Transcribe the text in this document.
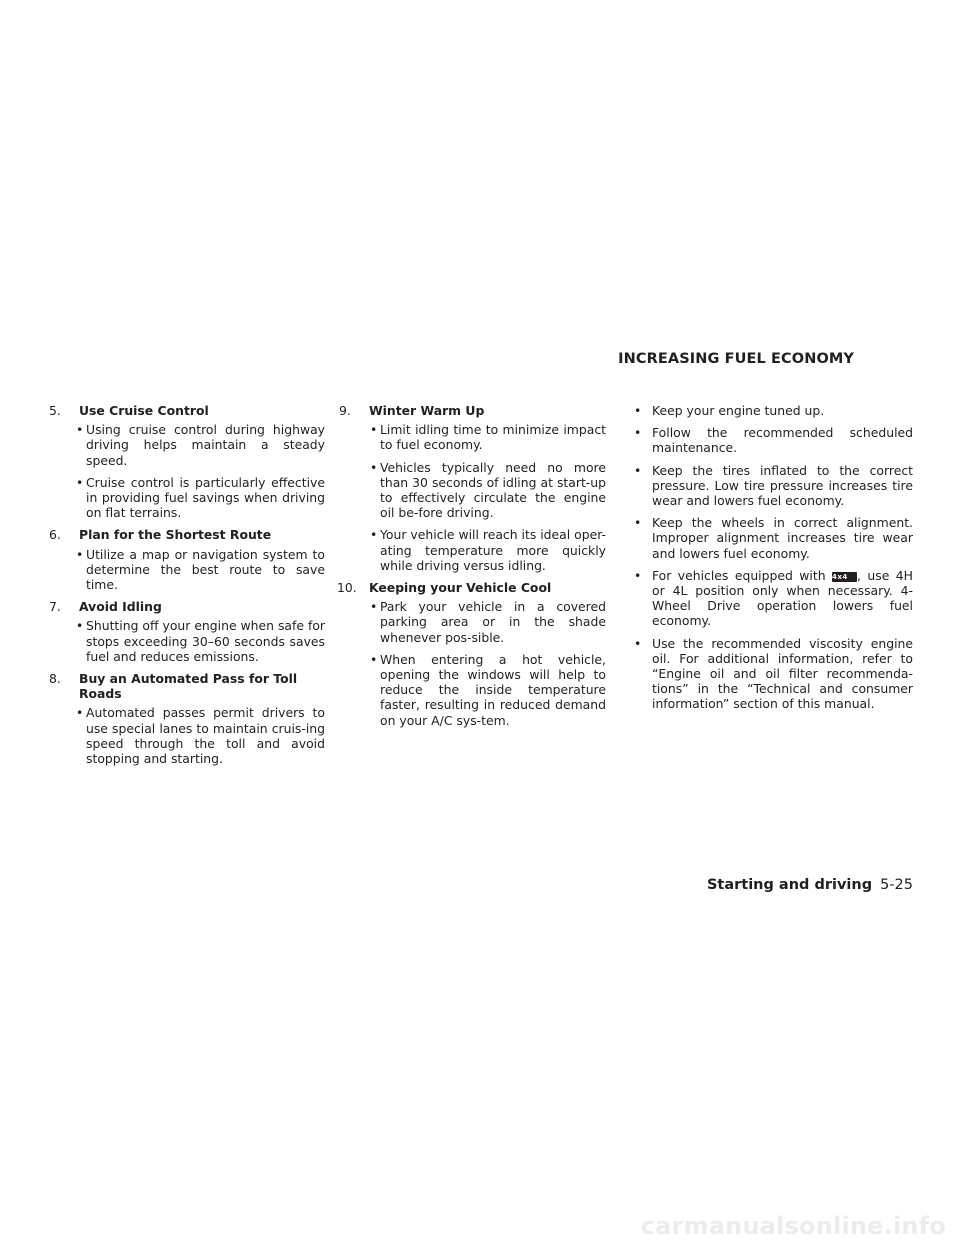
INCREASING FUEL ECONOMY
5. Use Cruise Control
• Using cruise control during highway driving helps maintain a steady speed.
• Cruise control is particularly effective in providing fuel savings when driving on flat terrains.
6. Plan for the Shortest Route
• Utilize a map or navigation system to determine the best route to save time.
7. Avoid Idling
• Shutting off your engine when safe for stops exceeding 30–60 seconds saves fuel and reduces emissions.
8. Buy an Automated Pass for Toll Roads
• Automated passes permit drivers to use special lanes to maintain cruis-ing speed through the toll and avoid stopping and starting.
9. Winter Warm Up
• Limit idling time to minimize impact to fuel economy.
• Vehicles typically need no more than 30 seconds of idling at start-up to effectively circulate the engine oil be-fore driving.
• Your vehicle will reach its ideal oper-ating temperature more quickly while driving versus idling.
10. Keeping your Vehicle Cool
• Park your vehicle in a covered parking area or in the shade whenever pos-sible.
• When entering a hot vehicle, opening the windows will help to reduce the inside temperature faster, resulting in reduced demand on your A/C sys-tem.
• Keep your engine tuned up.
• Follow the recommended scheduled maintenance.
• Keep the tires inflated to the correct pressure. Low tire pressure increases tire wear and lowers fuel economy.
• Keep the wheels in correct alignment. Improper alignment increases tire wear and lowers fuel economy.
• For vehicles equipped with 4x4 , use 4H or 4L position only when necessary. 4-Wheel Drive operation lowers fuel economy.
• Use the recommended viscosity engine oil. For additional information, refer to “Engine oil and oil filter recommenda-tions” in the “Technical and consumer information” section of this manual.
Starting and driving 5-25
carmanualsonline.info
